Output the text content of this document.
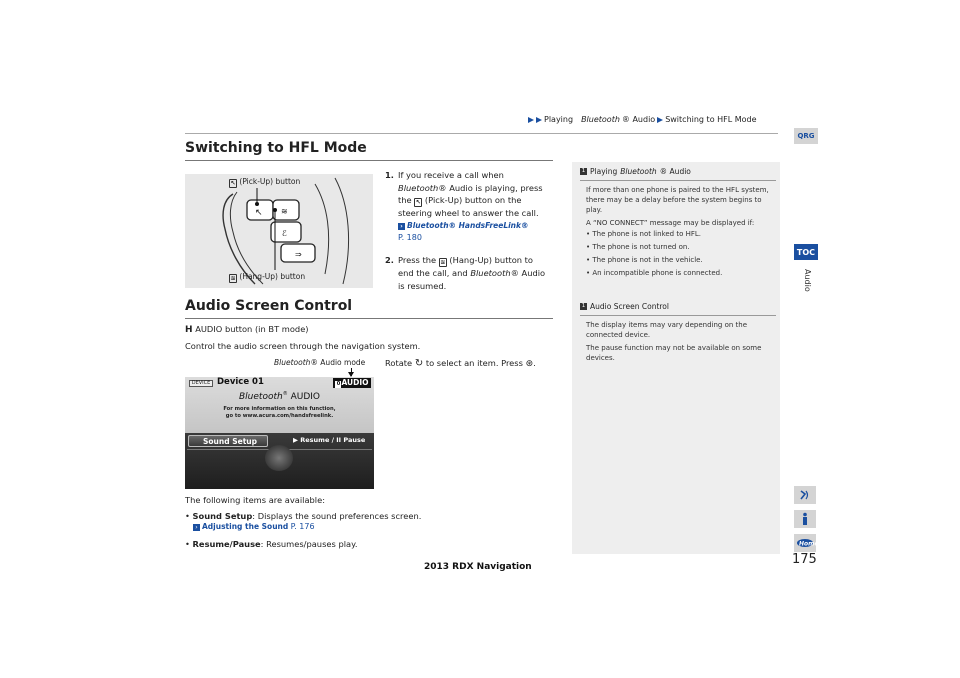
Playing Bluetooth ® Audio Switching to HFL Mode
QRG
TOC
Audio
Switching to HFL Mode
↖ ≋
ℰ
⇒
↖ (Pick-Up) button
≋ (Hang-Up) button
1. If you receive a call when
Bluetooth® Audio is playing, press
the ↖ (Pick-Up) button on the
steering wheel to answer the call.
› Bluetooth® HandsFreeLink®
P. 180
2. Press the ≋ (Hang-Up) button to
end the call, and Bluetooth® Audio
is resumed.
Audio Screen Control
H AUDIO button (in BT mode)
Control the audio screen through the navigation system.
Bluetooth® Audio mode Rotate ↻ to select an item. Press ⊛.
DEVICE Device 01	0AUDIO
Bluetooth® AUDIO
For more information on this function,
go to www.acura.com/handsfreelink.
Sound Setup	▶ Resume / II Pause
The following items are available:
• Sound Setup: Displays the sound preferences screen.
› Adjusting the Sound P. 176
• Resume/Pause: Resumes/pauses play.
1 Playing Bluetooth ® Audio
If more than one phone is paired to the HFL system, there may be a delay before the system begins to play.
A “NO CONNECT” message may be displayed if:
• The phone is not linked to HFL.
• The phone is not turned on.
• The phone is not in the vehicle.
• An incompatible phone is connected.
1 Audio Screen Control
The display items may vary depending on the connected device.
The pause function may not be available on some devices.
Home
175
2013 RDX Navigation
